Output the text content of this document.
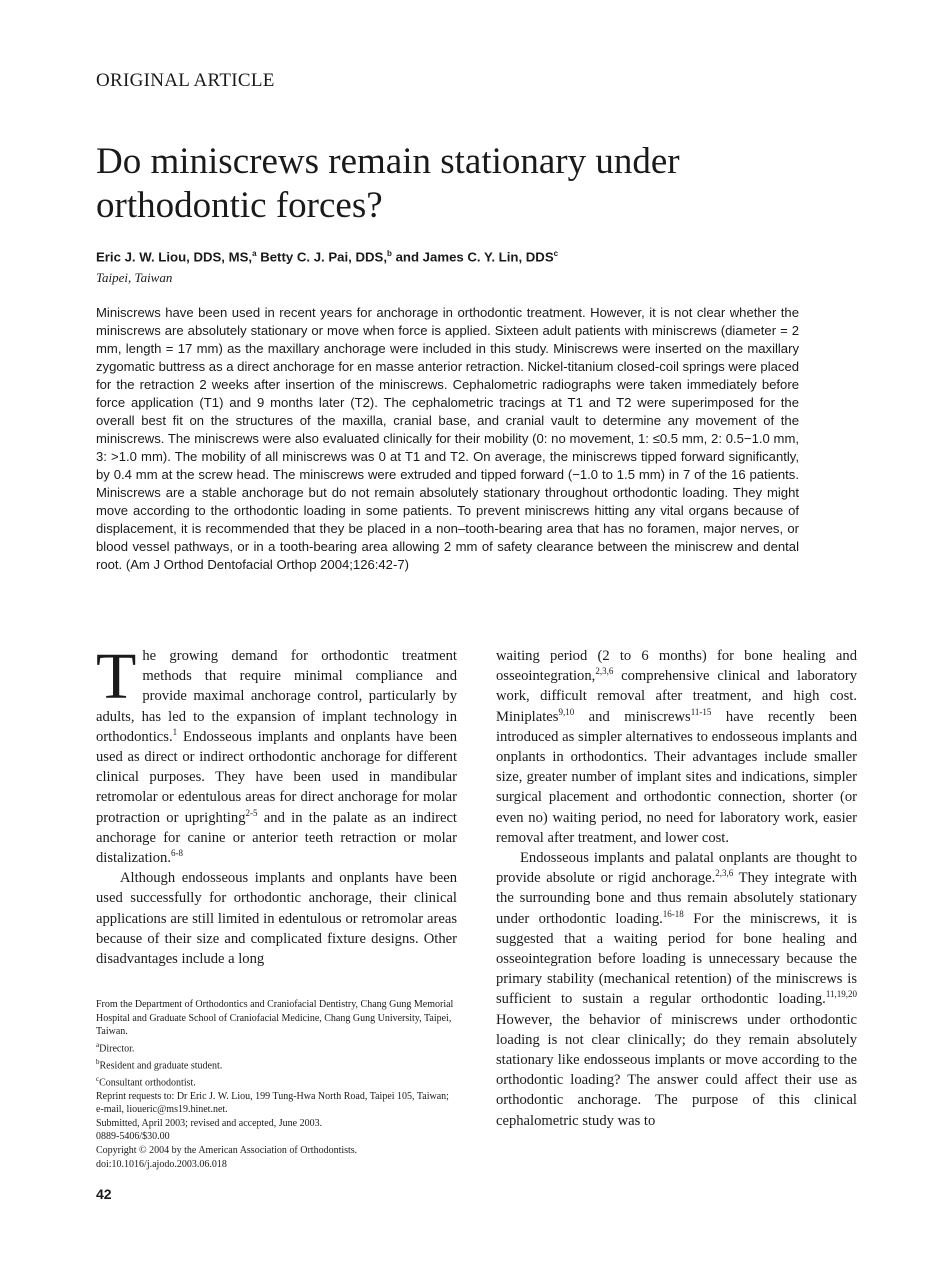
ORIGINAL ARTICLE
Do miniscrews remain stationary under orthodontic forces?
Eric J. W. Liou, DDS, MS,$^a$ Betty C. J. Pai, DDS,$^b$ and James C. Y. Lin, DDS$^c$
Taipei, Taiwan

Miniscrews have been used in recent years for anchorage in orthodontic treatment. However, it is not clear whether the miniscrews are absolutely stationary or move when force is applied. Sixteen adult patients with miniscrews (diameter = 2 mm, length = 17 mm) as the maxillary anchorage were included in this study. Miniscrews were inserted on the maxillary zygomatic buttress as a direct anchorage for en masse anterior retraction. Nickel-titanium closed-coil springs were placed for the retraction 2 weeks after insertion of the miniscrews. Cephalometric radiographs were taken immediately before force application (T1) and 9 months later (T2). The cephalometric tracings at T1 and T2 were superimposed for the overall best fit on the structures of the maxilla, cranial base, and cranial vault to determine any movement of the miniscrews. The miniscrews were also evaluated clinically for their mobility (0: no movement, 1: ≤0.5 mm, 2: 0.5−1.0 mm, 3: >1.0 mm). The mobility of all miniscrews was 0 at T1 and T2. On average, the miniscrews tipped forward significantly, by 0.4 mm at the screw head. The miniscrews were extruded and tipped forward (−1.0 to 1.5 mm) in 7 of the 16 patients. Miniscrews are a stable anchorage but do not remain absolutely stationary throughout orthodontic loading. They might move according to the orthodontic loading in some patients. To prevent miniscrews hitting any vital organs because of displacement, it is recommended that they be placed in a non–tooth-bearing area that has no foramen, major nerves, or blood vessel pathways, or in a tooth-bearing area allowing 2 mm of safety clearance between the miniscrew and dental root. (Am J Orthod Dentofacial Orthop 2004;126:42-7)

The growing demand for orthodontic treatment methods that require minimal compliance and provide maximal anchorage control, particularly by adults, has led to the expansion of implant technology in orthodontics.$^1$ Endosseous implants and onplants have been used as direct or indirect orthodontic anchorage for different clinical purposes. They have been used in mandibular retromolar or edentulous areas for direct anchorage for molar protraction or uprighting$^{2-5}$ and in the palate as an indirect anchorage for canine or anterior teeth retraction or molar distalization.$^{6-8}$

Although endosseous implants and onplants have been used successfully for orthodontic anchorage, their clinical applications are still limited in edentulous or retromolar areas because of their size and complicated fixture designs. Other disadvantages include a long

waiting period (2 to 6 months) for bone healing and osseointegration,$^{2,3,6}$ comprehensive clinical and laboratory work, difficult removal after treatment, and high cost. Miniplates$^{9,10}$ and miniscrews$^{11-15}$ have recently been introduced as simpler alternatives to endosseous implants and onplants in orthodontics. Their advantages include smaller size, greater number of implant sites and indications, simpler surgical placement and orthodontic connection, shorter (or even no) waiting period, no need for laboratory work, easier removal after treatment, and lower cost.

Endosseous implants and palatal onplants are thought to provide absolute or rigid anchorage.$^{2,3,6}$ They integrate with the surrounding bone and thus remain absolutely stationary under orthodontic loading.$^{16-18}$ For the miniscrews, it is suggested that a waiting period for bone healing and osseointegration before loading is unnecessary because the primary stability (mechanical retention) of the miniscrews is sufficient to sustain a regular orthodontic loading.$^{11,19,20}$ However, the behavior of miniscrews under orthodontic loading is not clear clinically; do they remain absolutely stationary like endosseous implants or move according to the orthodontic loading? The answer could affect their use as orthodontic anchorage. The purpose of this clinical cephalometric study was to

From the Department of Orthodontics and Craniofacial Dentistry, Chang Gung Memorial Hospital and Graduate School of Craniofacial Medicine, Chang Gung University, Taipei, Taiwan.
$^a$Director.
$^b$Resident and graduate student.
$^c$Consultant orthodontist.
Reprint requests to: Dr Eric J. W. Liou, 199 Tung-Hwa North Road, Taipei 105, Taiwan; e-mail, lioueric@ms19.hinet.net.
Submitted, April 2003; revised and accepted, June 2003.
0889-5406/$30.00
Copyright © 2004 by the American Association of Orthodontists.
doi:10.1016/j.ajodo.2003.06.018
42
